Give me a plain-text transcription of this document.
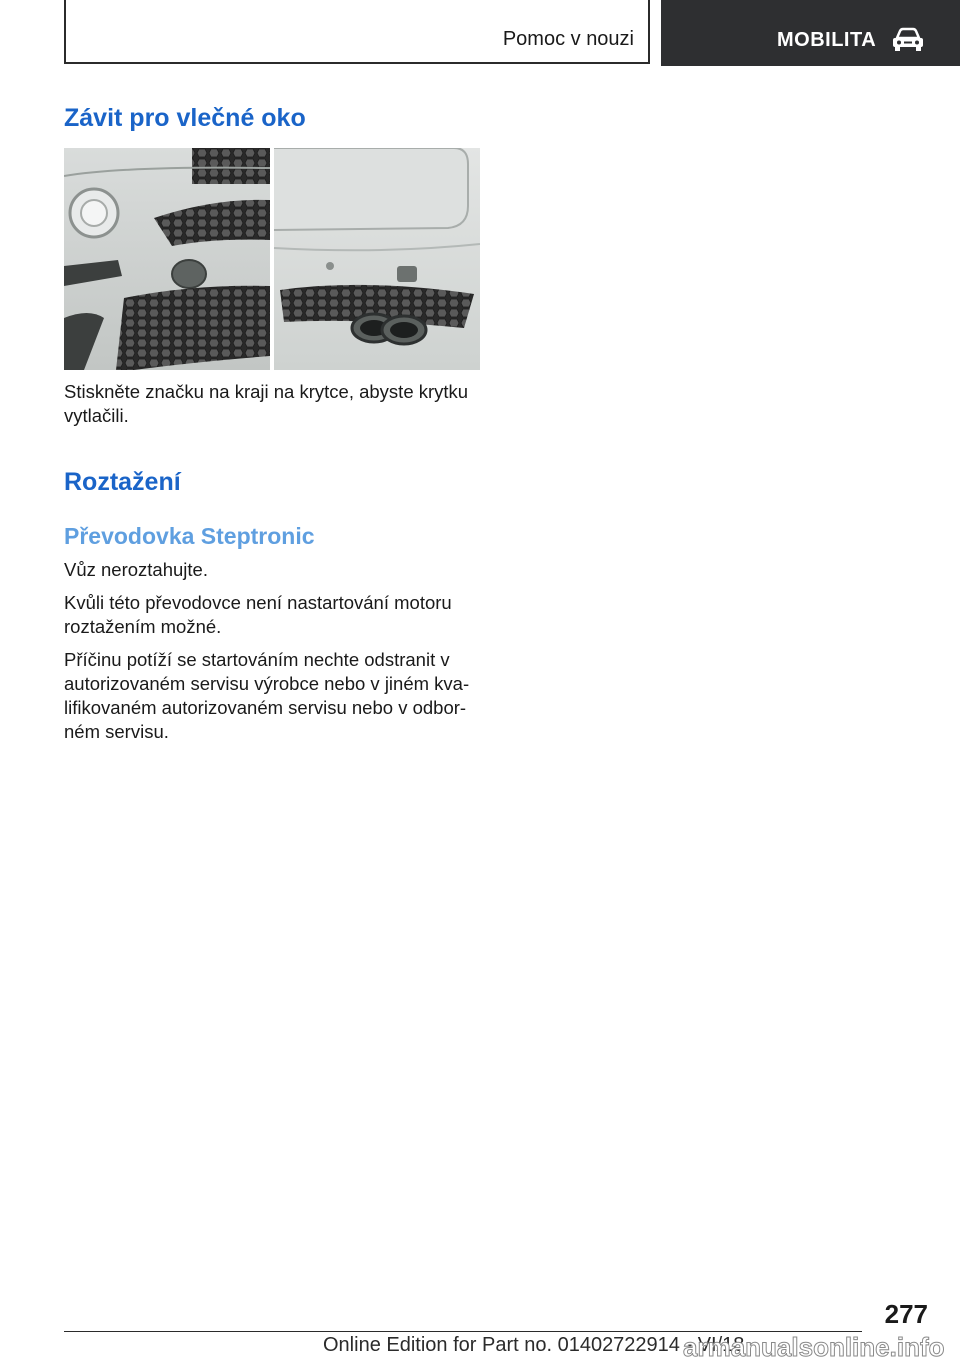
Pomoc v nouzi	MOBILITA
Závit pro vlečné oko

Stiskněte značku na kraji na krytce, abyste krytku vytlačili.

Roztažení
Převodovka Steptronic

Vůz neroztahujte.

Kvůli této převodovce není nastartování motoru roztažením možné.

Příčinu potíží se startováním nechte odstranit v autorizovaném servisu výrobce nebo v jiném kva-lifikovaném autorizovaném servisu nebo v odbor-ném servisu.

277
Online Edition for Part no. 01402722914 - VI/18
armanualsonline.info
